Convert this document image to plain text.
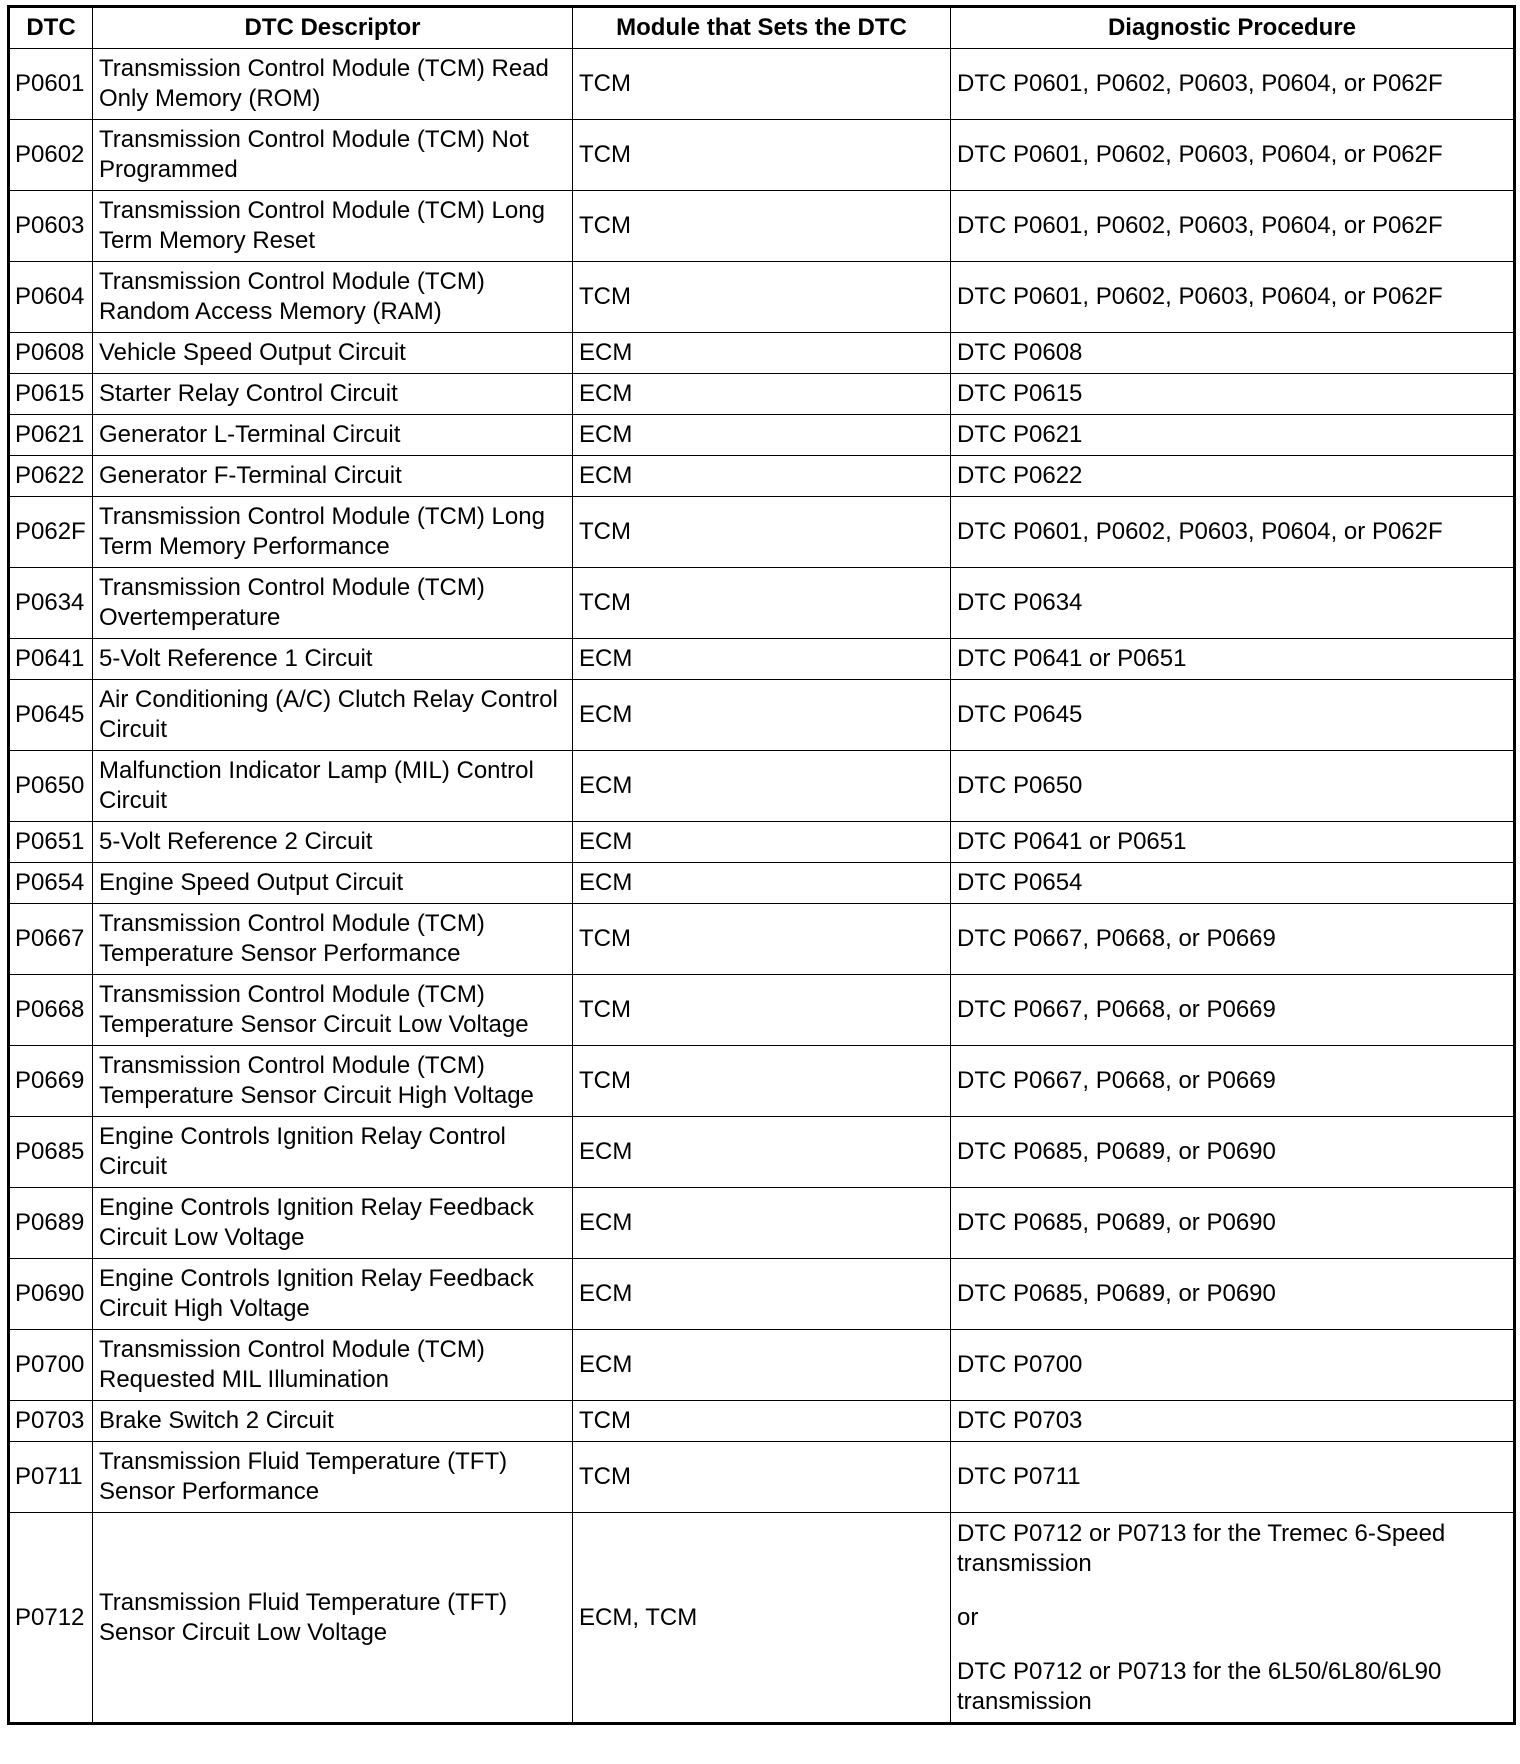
DTC	DTC Descriptor	Module that Sets the DTC	Diagnostic Procedure
P0601	Transmission Control Module (TCM) Read Only Memory (ROM)	TCM	DTC P0601, P0602, P0603, P0604, or P062F

P0602	Transmission Control Module (TCM) Not Programmed	TCM	DTC P0601, P0602, P0603, P0604, or P062F

P0603	Transmission Control Module (TCM) Long Term Memory Reset	TCM	DTC P0601, P0602, P0603, P0604, or P062F

P0604	Transmission Control Module (TCM) Random Access Memory (RAM)	TCM	DTC P0601, P0602, P0603, P0604, or P062F

P0608	Vehicle Speed Output Circuit	ECM	DTC P0608

P0615	Starter Relay Control Circuit	ECM	DTC P0615

P0621	Generator L-Terminal Circuit	ECM	DTC P0621

P0622	Generator F-Terminal Circuit	ECM	DTC P0622

P062F	Transmission Control Module (TCM) Long Term Memory Performance	TCM	DTC P0601, P0602, P0603, P0604, or P062F

P0634	Transmission Control Module (TCM) Overtemperature	TCM	DTC P0634

P0641	5-Volt Reference 1 Circuit	ECM	DTC P0641 or P0651

P0645	Air Conditioning (A/C) Clutch Relay Control Circuit	ECM	DTC P0645

P0650	Malfunction Indicator Lamp (MIL) Control Circuit	ECM	DTC P0650

P0651	5-Volt Reference 2 Circuit	ECM	DTC P0641 or P0651

P0654	Engine Speed Output Circuit	ECM	DTC P0654

P0667	Transmission Control Module (TCM) Temperature Sensor Performance	TCM	DTC P0667, P0668, or P0669

P0668	Transmission Control Module (TCM) Temperature Sensor Circuit Low Voltage	TCM	DTC P0667, P0668, or P0669

P0669	Transmission Control Module (TCM) Temperature Sensor Circuit High Voltage	TCM	DTC P0667, P0668, or P0669

P0685	Engine Controls Ignition Relay Control Circuit	ECM	DTC P0685, P0689, or P0690

P0689	Engine Controls Ignition Relay Feedback Circuit Low Voltage	ECM	DTC P0685, P0689, or P0690

P0690	Engine Controls Ignition Relay Feedback Circuit High Voltage	ECM	DTC P0685, P0689, or P0690

P0700	Transmission Control Module (TCM) Requested MIL Illumination	ECM	DTC P0700

P0703	Brake Switch 2 Circuit	TCM	DTC P0703

P0711	Transmission Fluid Temperature (TFT) Sensor Performance	TCM	DTC P0711

P0712	Transmission Fluid Temperature (TFT) Sensor Circuit Low Voltage	ECM, TCM	DTC P0712 or P0713 for the Tremec 6-Speed transmission
or
DTC P0712 or P0713 for the 6L50/6L80/6L90 transmission
